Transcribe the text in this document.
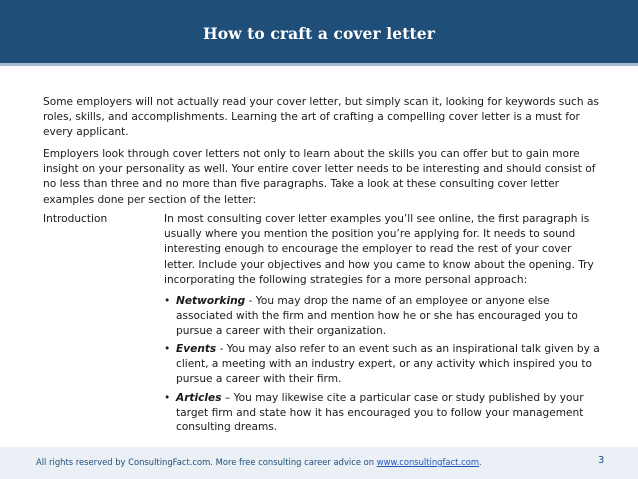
How to craft a cover letter

Some employers will not actually read your cover letter, but simply scan it, looking for keywords such as roles, skills, and accomplishments. Learning the art of crafting a compelling cover letter is a must for every applicant.

Employers look through cover letters not only to learn about the skills you can offer but to gain more insight on your personality as well. Your entire cover letter needs to be interesting and should consist of no less than three and no more than five paragraphs. Take a look at these consulting cover letter examples done per section of the letter:

Introduction	In most consulting cover letter examples you’ll see online, the first paragraph is usually where you mention the position you’re applying for. It needs to sound interesting enough to encourage the employer to read the rest of your cover letter. Include your objectives and how you came to know about the opening. Try incorporating the following strategies for a more personal approach:

• Networking - You may drop the name of an employee or anyone else associated with the firm and mention how he or she has encouraged you to pursue a career with their organization.
• Events - You may also refer to an event such as an inspirational talk given by a client, a meeting with an industry expert, or any activity which inspired you to pursue a career with their firm.
• Articles – You may likewise cite a particular case or study published by your target firm and state how it has encouraged you to follow your management consulting dreams.
All rights reserved by ConsultingFact.com. More free consulting career advice on www.consultingfact.com.	3
